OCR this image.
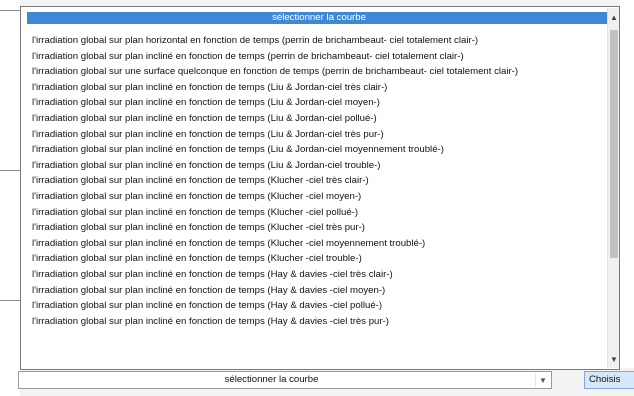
sélectionner la courbe
l'irradiation global sur plan horizontal en fonction de temps (perrin de brichambeaut- ciel totalement clair-)
l'irradiation global sur plan incliné en fonction de temps (perrin de brichambeaut- ciel totalement clair-)
l'irradiation global sur une surface quelconque en fonction de temps (perrin de brichambeaut- ciel totalement clair-)
l'irradiation global sur plan incliné en fonction de temps (Liu & Jordan-ciel très clair-)
l'irradiation global sur plan incliné en fonction de temps (Liu & Jordan-ciel moyen-)
l'irradiation global sur plan incliné en fonction de temps (Liu & Jordan-ciel pollué-)
l'irradiation global sur plan incliné en fonction de temps (Liu & Jordan-ciel très pur-)
l'irradiation global sur plan incliné en fonction de temps (Liu & Jordan-ciel moyennement troublé-)
l'irradiation global sur plan incliné en fonction de temps (Liu & Jordan-ciel trouble-)
l'irradiation global sur plan incliné en fonction de temps (Klucher -ciel très clair-)
l'irradiation global sur plan incliné en fonction de temps (Klucher -ciel moyen-)
l'irradiation global sur plan incliné en fonction de temps (Klucher -ciel pollué-)
l'irradiation global sur plan incliné en fonction de temps (Klucher -ciel très pur-)
l'irradiation global sur plan incliné en fonction de temps (Klucher -ciel moyennement troublé-)
l'irradiation global sur plan incliné en fonction de temps (Klucher -ciel trouble-)
l'irradiation global sur plan incliné en fonction de temps (Hay & davies -ciel très clair-)
l'irradiation global sur plan incliné en fonction de temps (Hay & davies -ciel moyen-)
l'irradiation global sur plan incliné en fonction de temps (Hay & davies -ciel pollué-)
l'irradiation global sur plan incliné en fonction de temps (Hay & davies -ciel très pur-)
▲
▼
sélectionner la courbe	▼	Choisis
